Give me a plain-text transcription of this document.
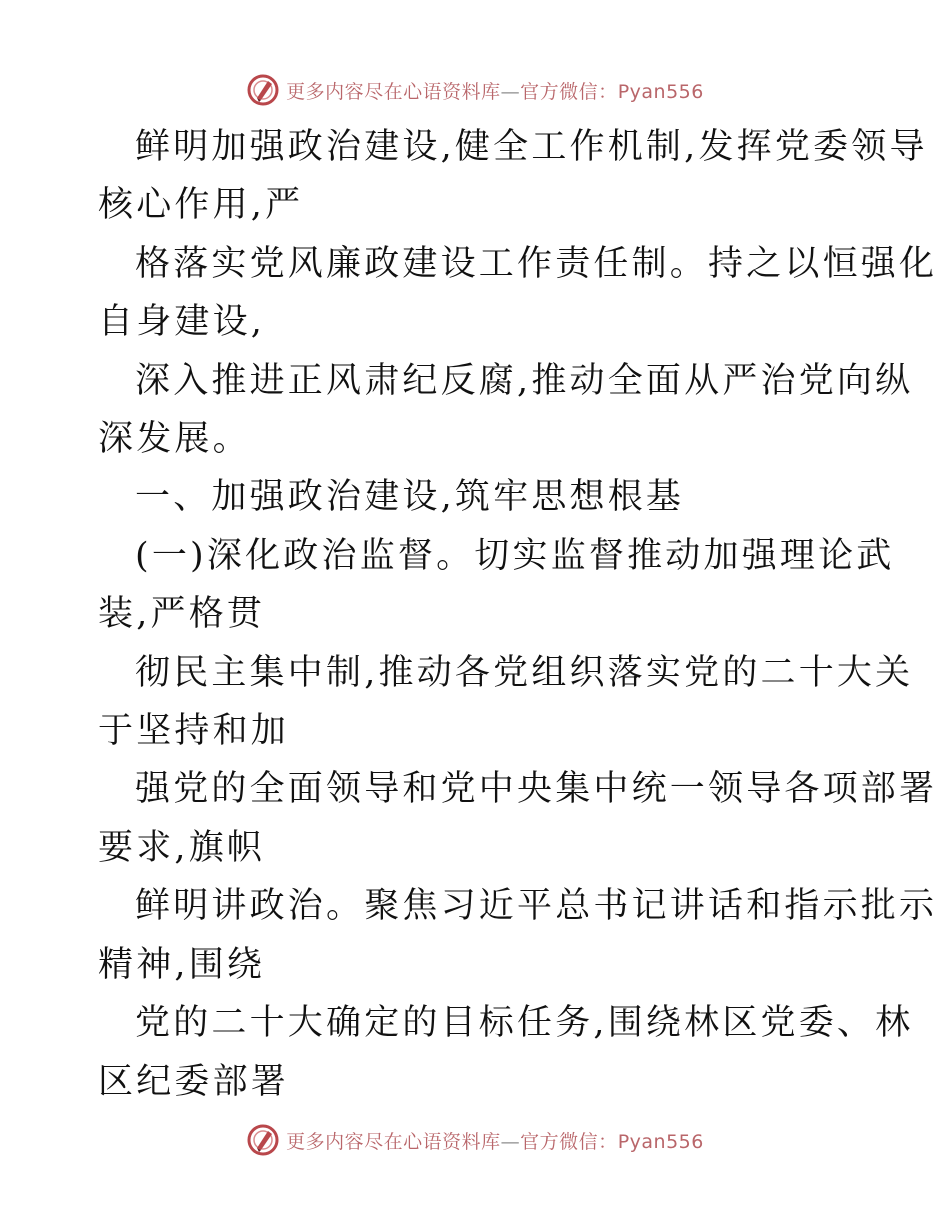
更多内容尽在心语资料库—官方微信：Pyan556
鲜明加强政治建设,健全工作机制,发挥党委领导
核心作用,严
格落实党风廉政建设工作责任制。持之以恒强化
自身建设,
深入推进正风肃纪反腐,推动全面从严治党向纵
深发展。
一、加强政治建设,筑牢思想根基
(一)深化政治监督。切实监督推动加强理论武
装,严格贯
彻民主集中制,推动各党组织落实党的二十大关
于坚持和加
强党的全面领导和党中央集中统一领导各项部署
要求,旗帜
鲜明讲政治。聚焦习近平总书记讲话和指示批示
精神,围绕
党的二十大确定的目标任务,围绕林区党委、林
区纪委部署
更多内容尽在心语资料库—官方微信：Pyan556
